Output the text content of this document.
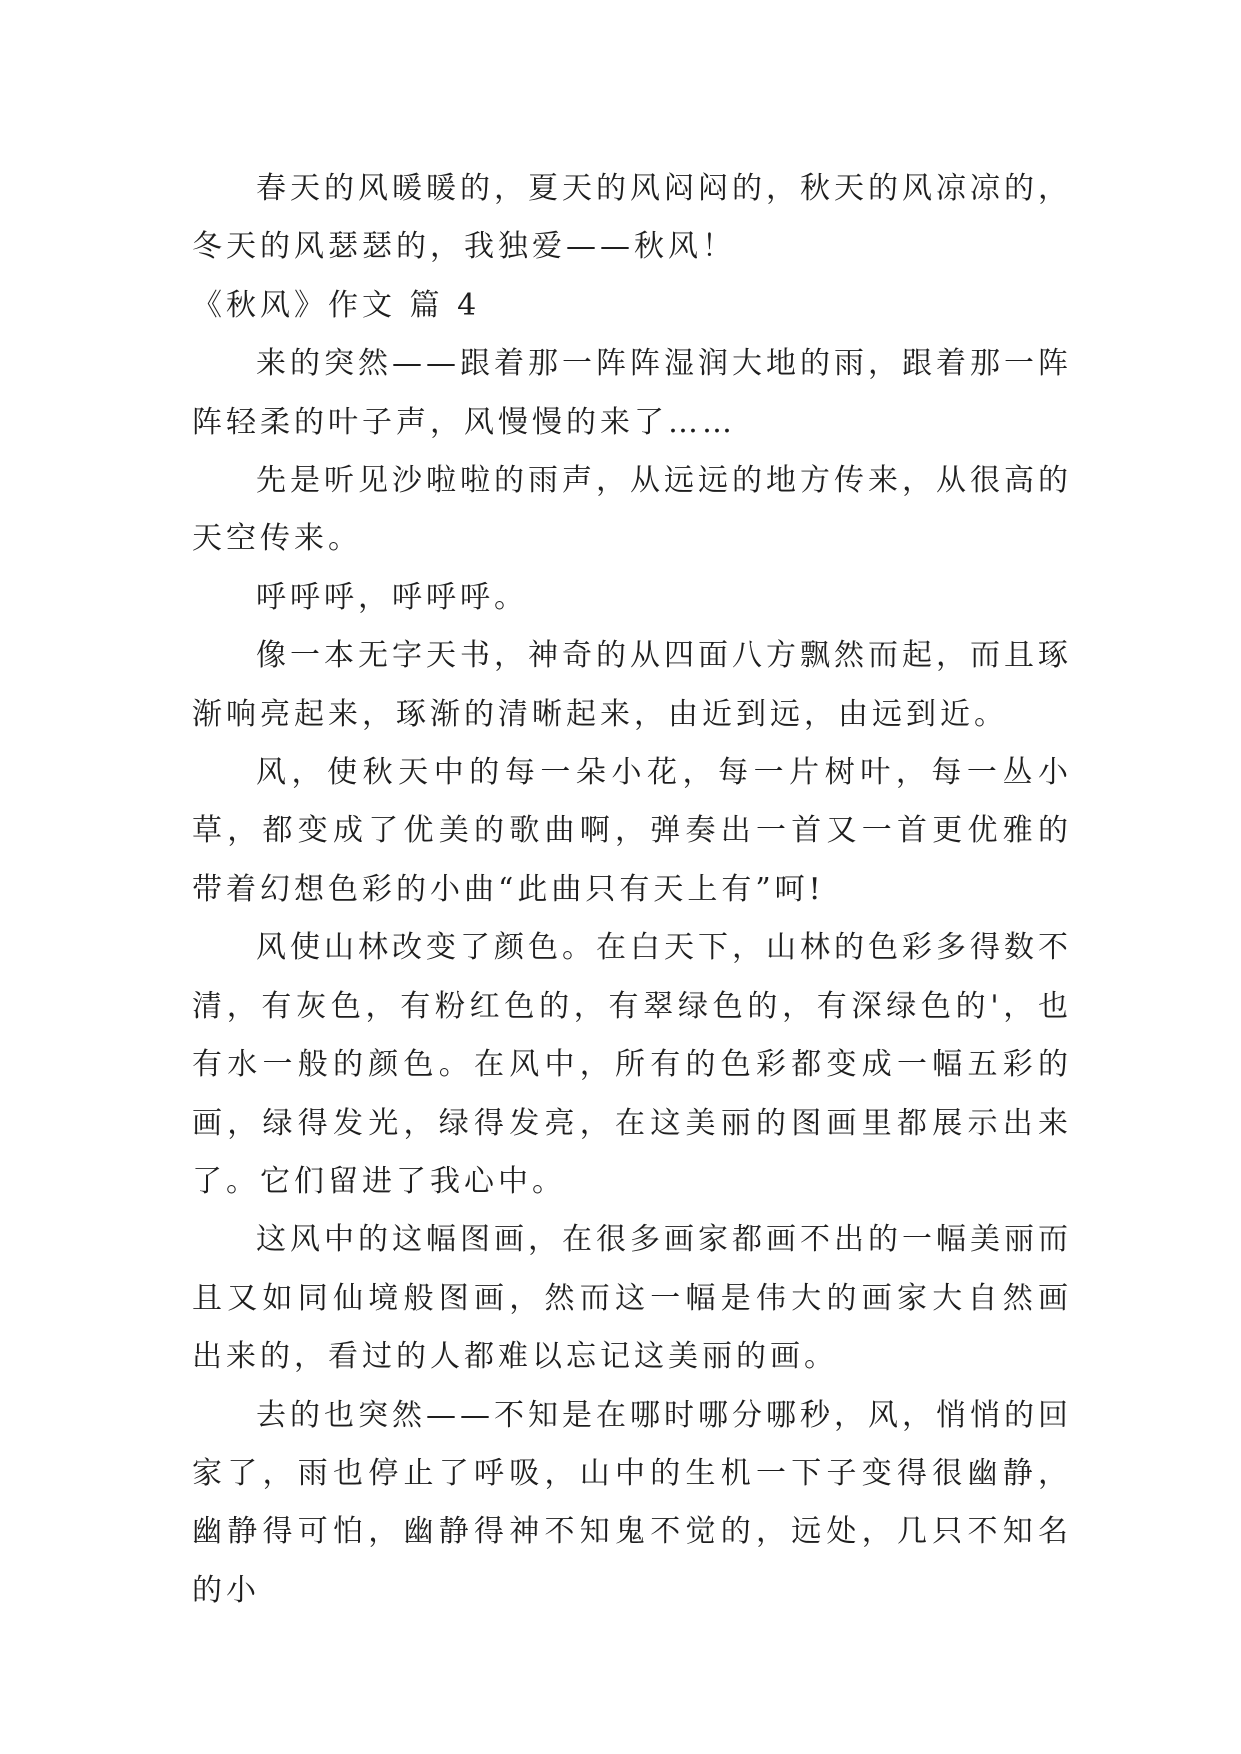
春天的风暖暖的，夏天的风闷闷的，秋天的风凉凉的，冬天的风瑟瑟的，我独爱——秋风！

《秋风》作文 篇 4

来的突然——跟着那一阵阵湿润大地的雨，跟着那一阵阵轻柔的叶子声，风慢慢的来了……

先是听见沙啦啦的雨声，从远远的地方传来，从很高的天空传来。

呼呼呼，呼呼呼。

像一本无字天书，神奇的从四面八方飘然而起，而且琢渐响亮起来，琢渐的清晰起来，由近到远，由远到近。

风，使秋天中的每一朵小花，每一片树叶，每一丛小草，都变成了优美的歌曲啊，弹奏出一首又一首更优雅的带着幻想色彩的小曲“此曲只有天上有”呵!

风使山林改变了颜色。在白天下，山林的色彩多得数不清，有灰色，有粉红色的，有翠绿色的，有深绿色的'，也有水一般的颜色。在风中，所有的色彩都变成一幅五彩的画，绿得发光，绿得发亮，在这美丽的图画里都展示出来了。它们留进了我心中。

这风中的这幅图画，在很多画家都画不出的一幅美丽而且又如同仙境般图画，然而这一幅是伟大的画家大自然画出来的，看过的人都难以忘记这美丽的画。

去的也突然——不知是在哪时哪分哪秒，风，悄悄的回家了，雨也停止了呼吸，山中的生机一下子变得很幽静，幽静得可怕，幽静得神不知鬼不觉的，远处，几只不知名的小
